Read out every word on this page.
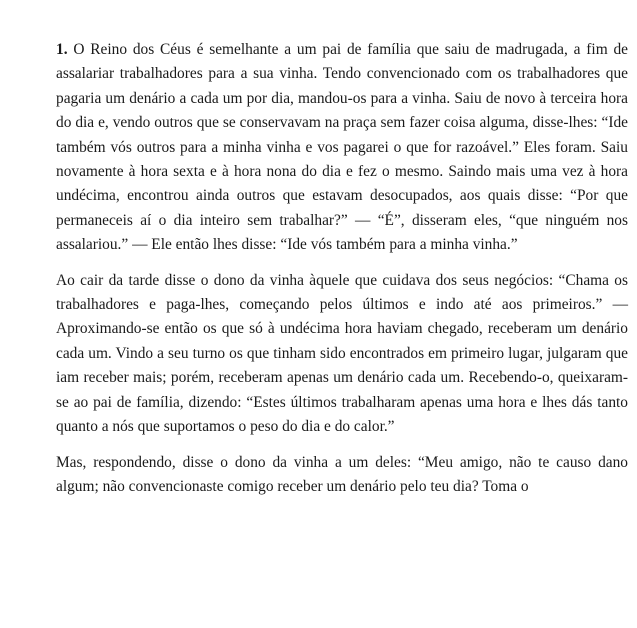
1. O Reino dos Céus é semelhante a um pai de família que saiu de madrugada, a fim de assalariar trabalhadores para a sua vinha. Tendo convencionado com os trabalhadores que pagaria um denário a cada um por dia, mandou-os para a vinha. Saiu de novo à terceira hora do dia e, vendo outros que se conservavam na praça sem fazer coisa alguma, disse-lhes: “Ide também vós outros para a minha vinha e vos pagarei o que for razoável.” Eles foram. Saiu novamente à hora sexta e à hora nona do dia e fez o mesmo. Saindo mais uma vez à hora undécima, encontrou ainda outros que estavam desocupados, aos quais disse: “Por que permaneceis aí o dia inteiro sem trabalhar?” — “É”, disseram eles, “que ninguém nos assalariou.” — Ele então lhes disse: “Ide vós também para a minha vinha.”

Ao cair da tarde disse o dono da vinha àquele que cuidava dos seus negócios: “Chama os trabalhadores e paga-lhes, começando pelos últimos e indo até aos primeiros.” — Aproximando-se então os que só à undécima hora haviam chegado, receberam um denário cada um. Vindo a seu turno os que tinham sido encontrados em primeiro lugar, julgaram que iam receber mais; porém, receberam apenas um denário cada um. Recebendo-o, queixaram-se ao pai de família, dizendo: “Estes últimos trabalharam apenas uma hora e lhes dás tanto quanto a nós que suportamos o peso do dia e do calor.”

Mas, respondendo, disse o dono da vinha a um deles: “Meu amigo, não te causo dano algum; não convencionaste comigo receber um denário pelo teu dia? Toma o
